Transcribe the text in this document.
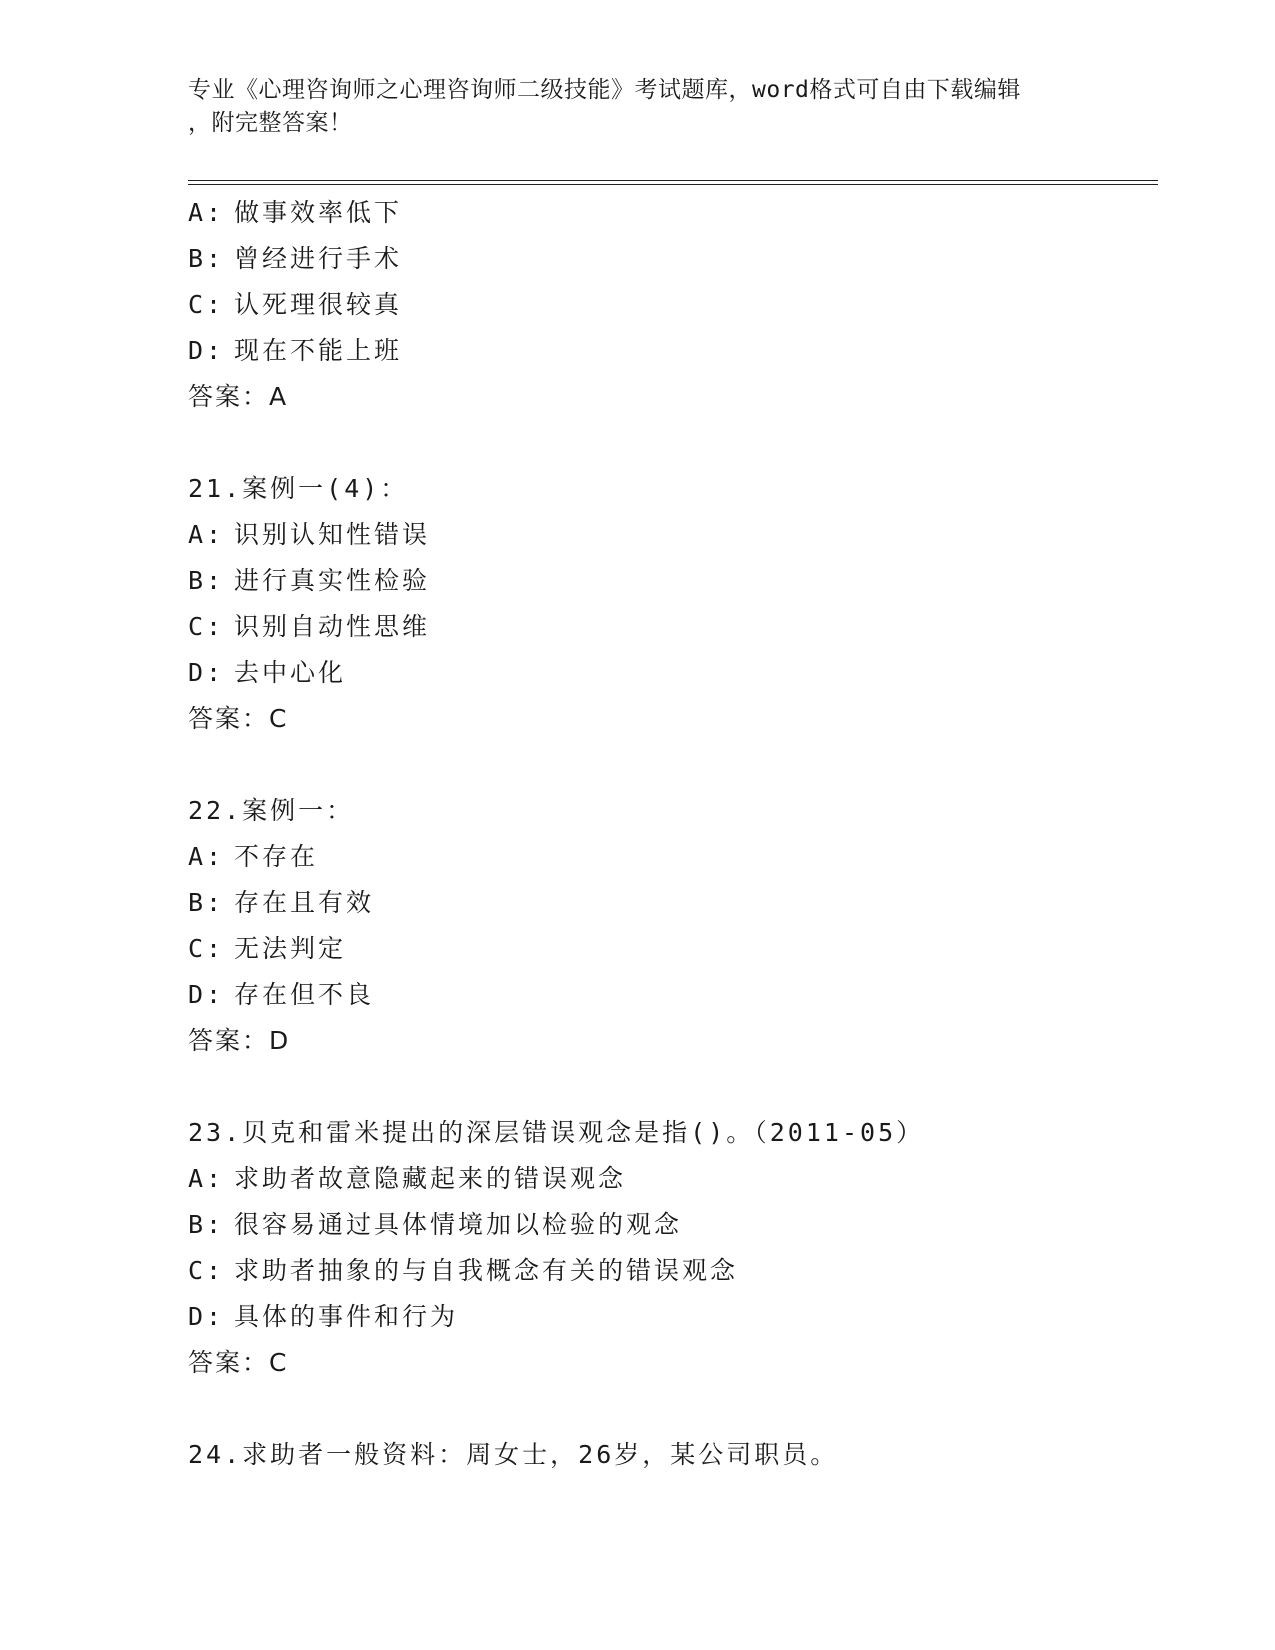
专业《心理咨询师之心理咨询师二级技能》考试题库，word格式可自由下载编辑
，附完整答案！
A: 做事效率低下
B: 曾经进行手术
C: 认死理很较真
D: 现在不能上班
答案：A
21.案例一(4)：
A: 识别认知性错误
B: 进行真实性检验
C: 识别自动性思维
D: 去中心化
答案：C
22.案例一：
A: 不存在
B: 存在且有效
C: 无法判定
D: 存在但不良
答案：D
23.贝克和雷米提出的深层错误观念是指()。（2011-05）
A: 求助者故意隐藏起来的错误观念
B: 很容易通过具体情境加以检验的观念
C: 求助者抽象的与自我概念有关的错误观念
D: 具体的事件和行为
答案：C
24.求助者一般资料：周女士，26岁，某公司职员。
